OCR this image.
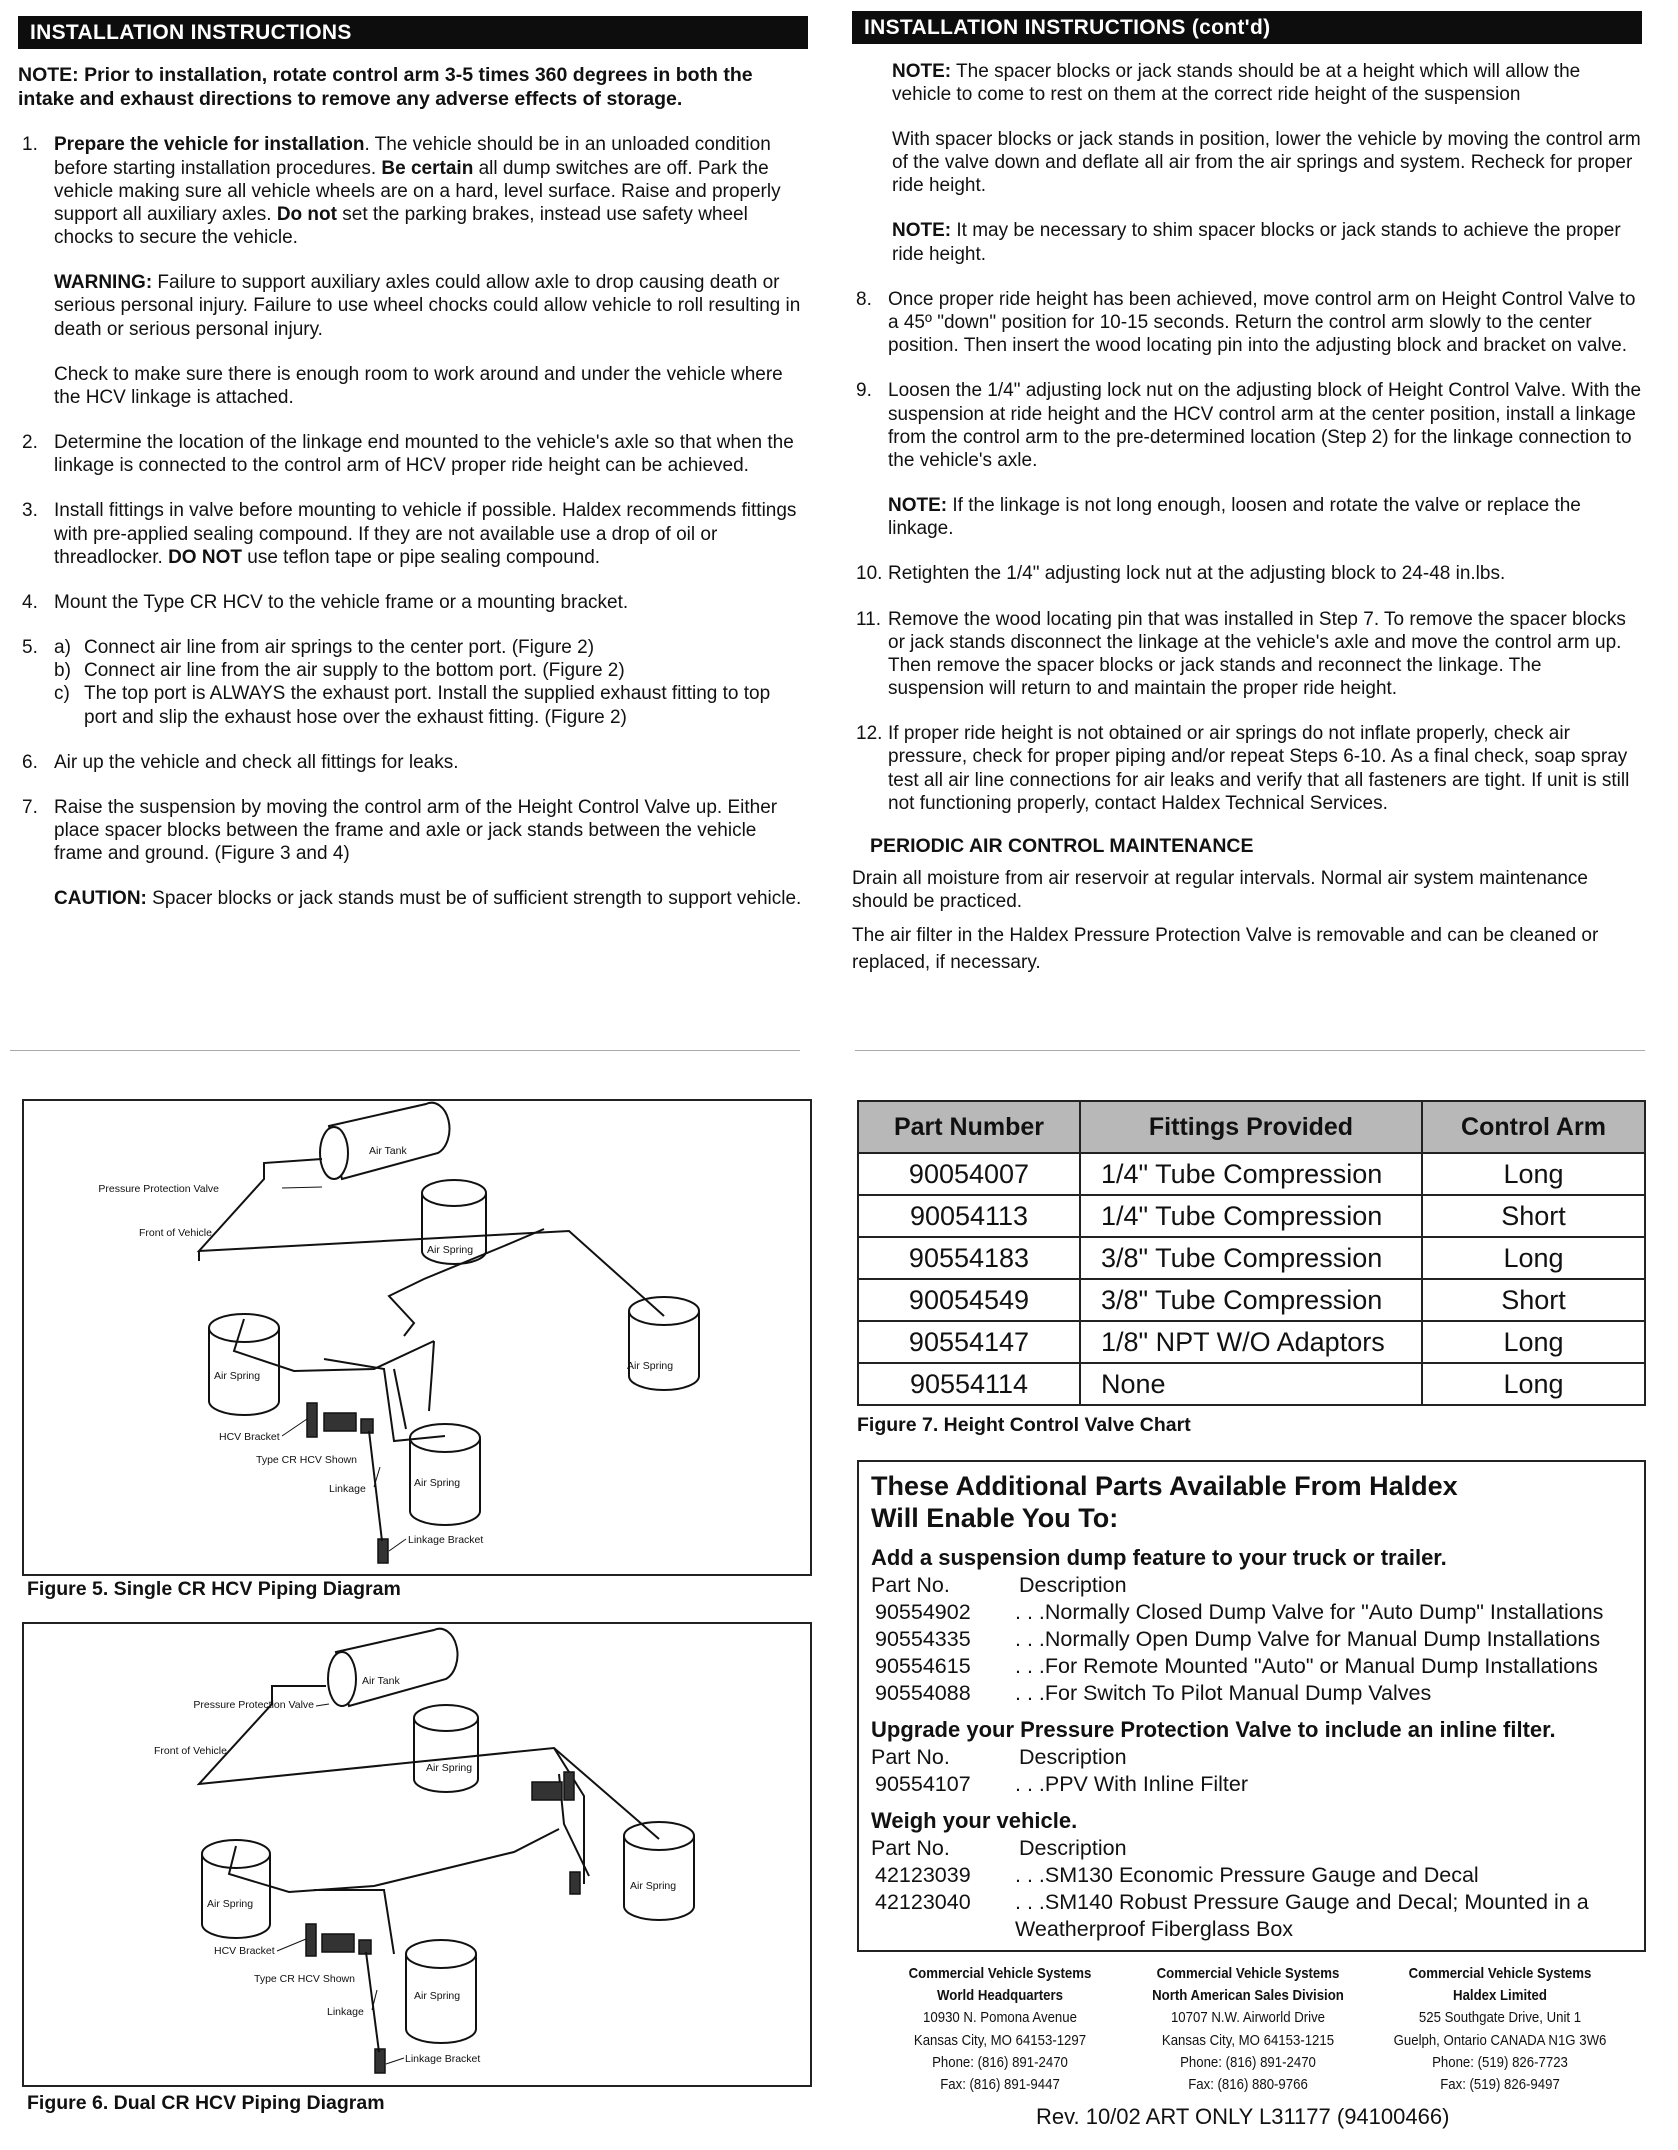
INSTALLATION INSTRUCTIONS
NOTE: Prior to installation, rotate control arm 3-5 times 360 degrees in both the intake and exhaust directions to remove any adverse effects of storage.
1. Prepare the vehicle for installation. The vehicle should be in an unloaded condition before starting installation procedures. Be certain all dump switches are off. Park the vehicle making sure all vehicle wheels are on a hard, level surface. Raise and properly support all auxiliary axles. Do not set the parking brakes, instead use safety wheel chocks to secure the vehicle.
WARNING: Failure to support auxiliary axles could allow axle to drop causing death or serious personal injury. Failure to use wheel chocks could allow vehicle to roll resulting in death or serious personal injury.
Check to make sure there is enough room to work around and under the vehicle where the HCV linkage is attached.
2. Determine the location of the linkage end mounted to the vehicle's axle so that when the linkage is connected to the control arm of HCV proper ride height can be achieved.
3. Install fittings in valve before mounting to vehicle if possible. Haldex recommends fittings with pre-applied sealing compound. If they are not available use a drop of oil or threadlocker. DO NOT use teflon tape or pipe sealing compound.
4. Mount the Type CR HCV to the vehicle frame or a mounting bracket.
5. a) Connect air line from air springs to the center port. (Figure 2)
b) Connect air line from the air supply to the bottom port. (Figure 2)
c) The top port is ALWAYS the exhaust port. Install the supplied exhaust fitting to top port and slip the exhaust hose over the exhaust fitting. (Figure 2)
6. Air up the vehicle and check all fittings for leaks.
7. Raise the suspension by moving the control arm of the Height Control Valve up. Either place spacer blocks between the frame and axle or jack stands between the vehicle frame and ground. (Figure 3 and 4)
CAUTION: Spacer blocks or jack stands must be of sufficient strength to support vehicle.
INSTALLATION INSTRUCTIONS (cont'd)
NOTE: The spacer blocks or jack stands should be at a height which will allow the vehicle to come to rest on them at the correct ride height of the suspension
With spacer blocks or jack stands in position, lower the vehicle by moving the control arm of the valve down and deflate all air from the air springs and system. Recheck for proper ride height.
NOTE: It may be necessary to shim spacer blocks or jack stands to achieve the proper ride height.
8. Once proper ride height has been achieved, move control arm on Height Control Valve to a 45º "down" position for 10-15 seconds. Return the control arm slowly to the center position. Then insert the wood locating pin into the adjusting block and bracket on valve.
9. Loosen the 1/4" adjusting lock nut on the adjusting block of Height Control Valve. With the suspension at ride height and the HCV control arm at the center position, install a linkage from the control arm to the pre-determined location (Step 2) for the linkage connection to the vehicle's axle.
NOTE: If the linkage is not long enough, loosen and rotate the valve or replace the linkage.
10. Retighten the 1/4" adjusting lock nut at the adjusting block to 24-48 in.lbs.
11. Remove the wood locating pin that was installed in Step 7. To remove the spacer blocks or jack stands disconnect the linkage at the vehicle's axle and move the control arm up. Then remove the spacer blocks or jack stands and reconnect the linkage. The suspension will return to and maintain the proper ride height.
12. If proper ride height is not obtained or air springs do not inflate properly, check air pressure, check for proper piping and/or repeat Steps 6-10. As a final check, soap spray test all air line connections for air leaks and verify that all fasteners are tight. If unit is still not functioning properly, contact Haldex Technical Services.
PERIODIC AIR CONTROL MAINTENANCE
Drain all moisture from air reservoir at regular intervals. Normal air system maintenance should be practiced.
The air filter in the Haldex Pressure Protection Valve is removable and can be cleaned or replaced, if necessary.
Air Tank
Pressure Protection Valve
Front of Vehicle
Air Spring
Air Spring
Air Spring
Air Spring
HCV Bracket
Type CR HCV Shown
Linkage
Linkage Bracket
Figure 5. Single CR HCV Piping Diagram
Air Tank
Pressure Protection Valve
Front of Vehicle
Air Spring
Air Spring
Air Spring
Air Spring
HCV Bracket
Type CR HCV Shown
Linkage
Linkage Bracket
Figure 6. Dual CR HCV Piping Diagram
Part Number	Fittings Provided	Control Arm
90054007	1/4" Tube Compression	Long
90054113	1/4" Tube Compression	Short
90554183	3/8" Tube Compression	Long
90054549	3/8" Tube Compression	Short
90554147	1/8" NPT W/O Adaptors	Long
90554114	None	Long
Figure 7. Height Control Valve Chart
These Additional Parts Available From Haldex
Will Enable You To:
Add a suspension dump feature to your truck or trailer.
Part No.	Description
90554902	. . .Normally Closed Dump Valve for "Auto Dump" Installations
90554335	. . .Normally Open Dump Valve for Manual Dump Installations
90554615	. . .For Remote Mounted "Auto" or Manual Dump Installations
90554088	. . .For Switch To Pilot Manual Dump Valves
Upgrade your Pressure Protection Valve to include an inline filter.
Part No.	Description
90554107	. . .PPV With Inline Filter
Weigh your vehicle.
Part No.	Description
42123039	. . .SM130 Economic Pressure Gauge and Decal
42123040	. . .SM140 Robust Pressure Gauge and Decal; Mounted in a
Weatherproof Fiberglass Box
Commercial Vehicle Systems
World Headquarters
10930 N. Pomona Avenue
Kansas City, MO 64153-1297
Phone: (816) 891-2470
Fax: (816) 891-9447
Commercial Vehicle Systems
North American Sales Division
10707 N.W. Airworld Drive
Kansas City, MO 64153-1215
Phone: (816) 891-2470
Fax: (816) 880-9766
Commercial Vehicle Systems
Haldex Limited
525 Southgate Drive, Unit 1
Guelph, Ontario CANADA N1G 3W6
Phone: (519) 826-7723
Fax: (519) 826-9497
Rev. 10/02 ART ONLY L31177 (94100466)
